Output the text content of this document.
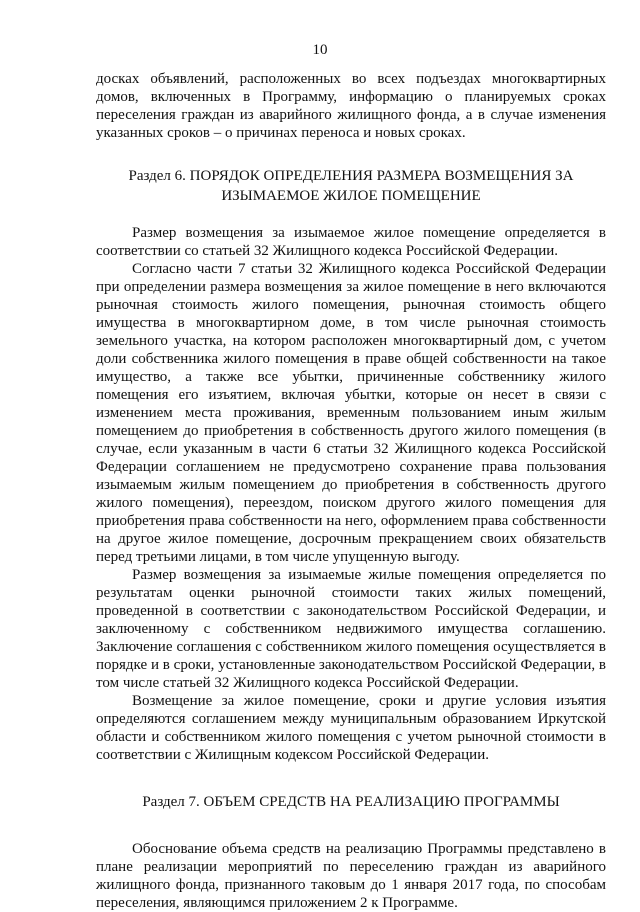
10

досках объявлений, расположенных во всех подъездах многоквартирных домов, включенных в Программу, информацию о планируемых сроках переселения граждан из аварийного жилищного фонда, а в случае изменения указанных сроков – о причинах переноса и новых сроках.

Раздел 6. ПОРЯДОК ОПРЕДЕЛЕНИЯ РАЗМЕРА ВОЗМЕЩЕНИЯ ЗА

ИЗЫМАЕМОЕ ЖИЛОЕ ПОМЕЩЕНИЕ

Размер возмещения за изымаемое жилое помещение определяется в соответствии со статьей 32 Жилищного кодекса Российской Федерации.

Согласно части 7 статьи 32 Жилищного кодекса Российской Федерации при определении размера возмещения за жилое помещение в него включаются рыночная стоимость жилого помещения, рыночная стоимость общего имущества в многоквартирном доме, в том числе рыночная стоимость земельного участка, на котором расположен многоквартирный дом, с учетом доли собственника жилого помещения в праве общей собственности на такое имущество, а также все убытки, причиненные собственнику жилого помещения его изъятием, включая убытки, которые он несет в связи с изменением места проживания, временным пользованием иным жилым помещением до приобретения в собственность другого жилого помещения (в случае, если указанным в части 6 статьи 32 Жилищного кодекса Российской Федерации соглашением не предусмотрено сохранение права пользования изымаемым жилым помещением до приобретения в собственность другого жилого помещения), переездом, поиском другого жилого помещения для приобретения права собственности на него, оформлением права собственности на другое жилое помещение, досрочным прекращением своих обязательств перед третьими лицами, в том числе упущенную выгоду.

Размер возмещения за изымаемые жилые помещения определяется по результатам оценки рыночной стоимости таких жилых помещений, проведенной в соответствии с законодательством Российской Федерации, и заключенному с собственником недвижимого имущества соглашению. Заключение соглашения с собственником жилого помещения осуществляется в порядке и в сроки, установленные законодательством Российской Федерации, в том числе статьей 32 Жилищного кодекса Российской Федерации.

Возмещение за жилое помещение, сроки и другие условия изъятия определяются соглашением между муниципальным образованием Иркутской области и собственником жилого помещения с учетом рыночной стоимости в соответствии с Жилищным кодексом Российской Федерации.

Раздел 7. ОБЪЕМ СРЕДСТВ НА РЕАЛИЗАЦИЮ ПРОГРАММЫ

Обоснование объема средств на реализацию Программы представлено в плане реализации мероприятий по переселению граждан из аварийного жилищного фонда, признанного таковым до 1 января 2017 года, по способам переселения, являющимся приложением 2 к Программе.
